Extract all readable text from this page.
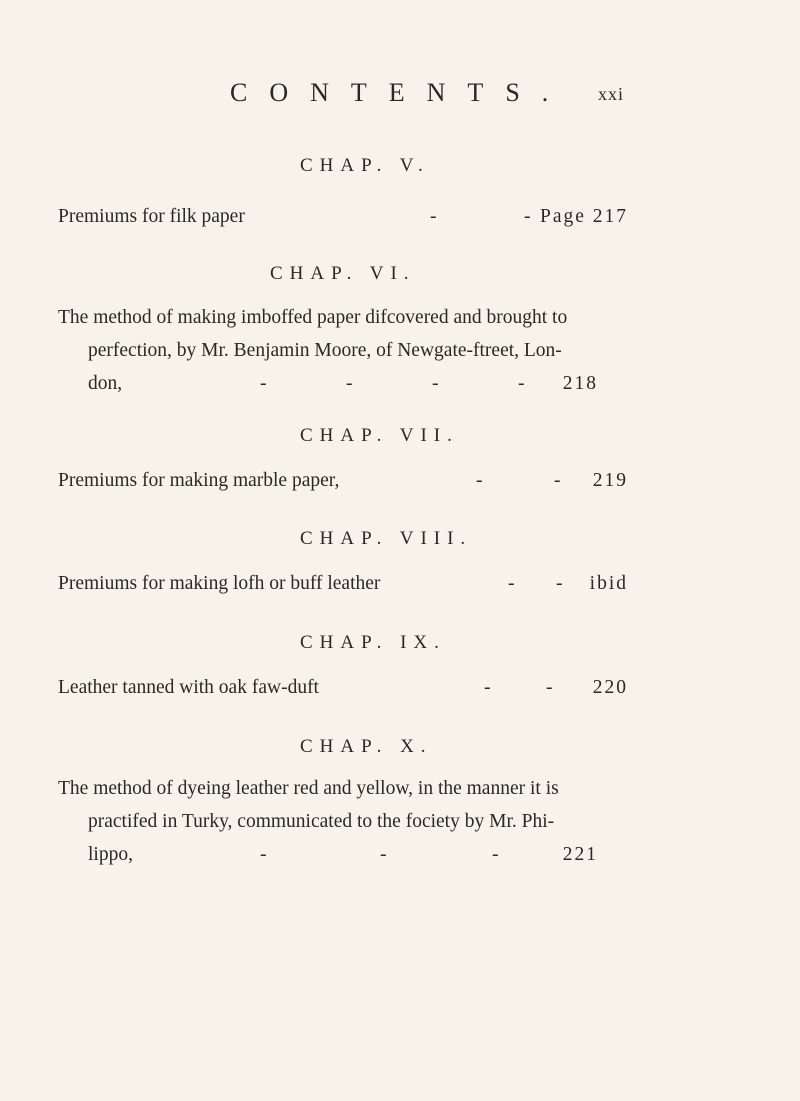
CONTENTS. xxi
CHAP. V.
Premiums for filk paper	-	- Page 217
CHAP. VI.
The method of making imboffed paper difcovered and brought to
perfection, by Mr. Benjamin Moore, of Newgate-ftreet, Lon-
don,	-	-	-	- 218
CHAP. VII.
Premiums for making marble paper,	-	- 219
CHAP. VIII.
Premiums for making lofh or buff leather	- - ibid
CHAP. IX.
Leather tanned with oak faw-duft	-	- 220
CHAP. X.
The method of dyeing leather red and yellow, in the manner it is
practifed in Turky, communicated to the fociety by Mr. Phi-
lippo,	-	-	-	221
